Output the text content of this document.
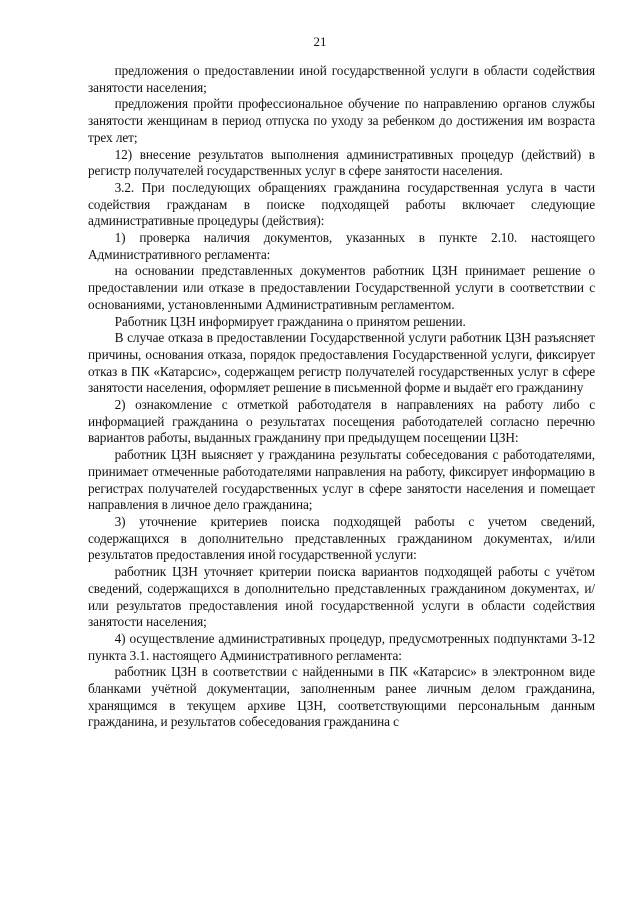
21

предложения о предоставлении иной государственной услуги в области содействия занятости населения;

предложения пройти профессиональное обучение по направлению органов службы занятости женщинам в период отпуска по уходу за ребенком до достижения им возраста трех лет;

12) внесение результатов выполнения административных процедур (действий) в регистр получателей государственных услуг в сфере занятости населения.

3.2. При последующих обращениях гражданина государственная услуга в части содействия гражданам в поиске подходящей работы включает следующие административные процедуры (действия):

1) проверка наличия документов, указанных в пункте 2.10. настоящего Административного регламента:

на основании представленных документов работник ЦЗН принимает решение о предоставлении или отказе в предоставлении Государственной услуги в соответствии с основаниями, установленными Административным регламентом.

Работник ЦЗН информирует гражданина о принятом решении.

В случае отказа в предоставлении Государственной услуги работник ЦЗН разъясняет причины, основания отказа, порядок предоставления Государственной услуги, фиксирует отказ в ПК «Катарсис», содержащем регистр получателей государственных услуг в сфере занятости населения, оформляет решение в письменной форме и выдаёт его гражданину

2) ознакомление с отметкой работодателя в направлениях на работу либо с информацией гражданина о результатах посещения работодателей согласно перечню вариантов работы, выданных гражданину при предыдущем посещении ЦЗН:

работник ЦЗН выясняет у гражданина результаты собеседования с работодателями, принимает отмеченные работодателями направления на работу, фиксирует информацию в регистрах получателей государственных услуг в сфере занятости населения и помещает направления в личное дело гражданина;

3) уточнение критериев поиска подходящей работы с учетом сведений, содержащихся в дополнительно представленных гражданином документах, и/или результатов предоставления иной государственной услуги:

работник ЦЗН уточняет критерии поиска вариантов подходящей работы с учётом сведений, содержащихся в дополнительно представленных гражданином документах, и/или результатов предоставления иной государственной услуги в области содействия занятости населения;

4) осуществление административных процедур, предусмотренных подпунктами 3-12 пункта 3.1. настоящего Административного регламента:

работник ЦЗН в соответствии с найденными в ПК «Катарсис» в электронном виде бланками учётной документации, заполненным ранее личным делом гражданина, хранящимся в текущем архиве ЦЗН, соответствующими персональным данным гражданина, и результатов собеседования гражданина с
